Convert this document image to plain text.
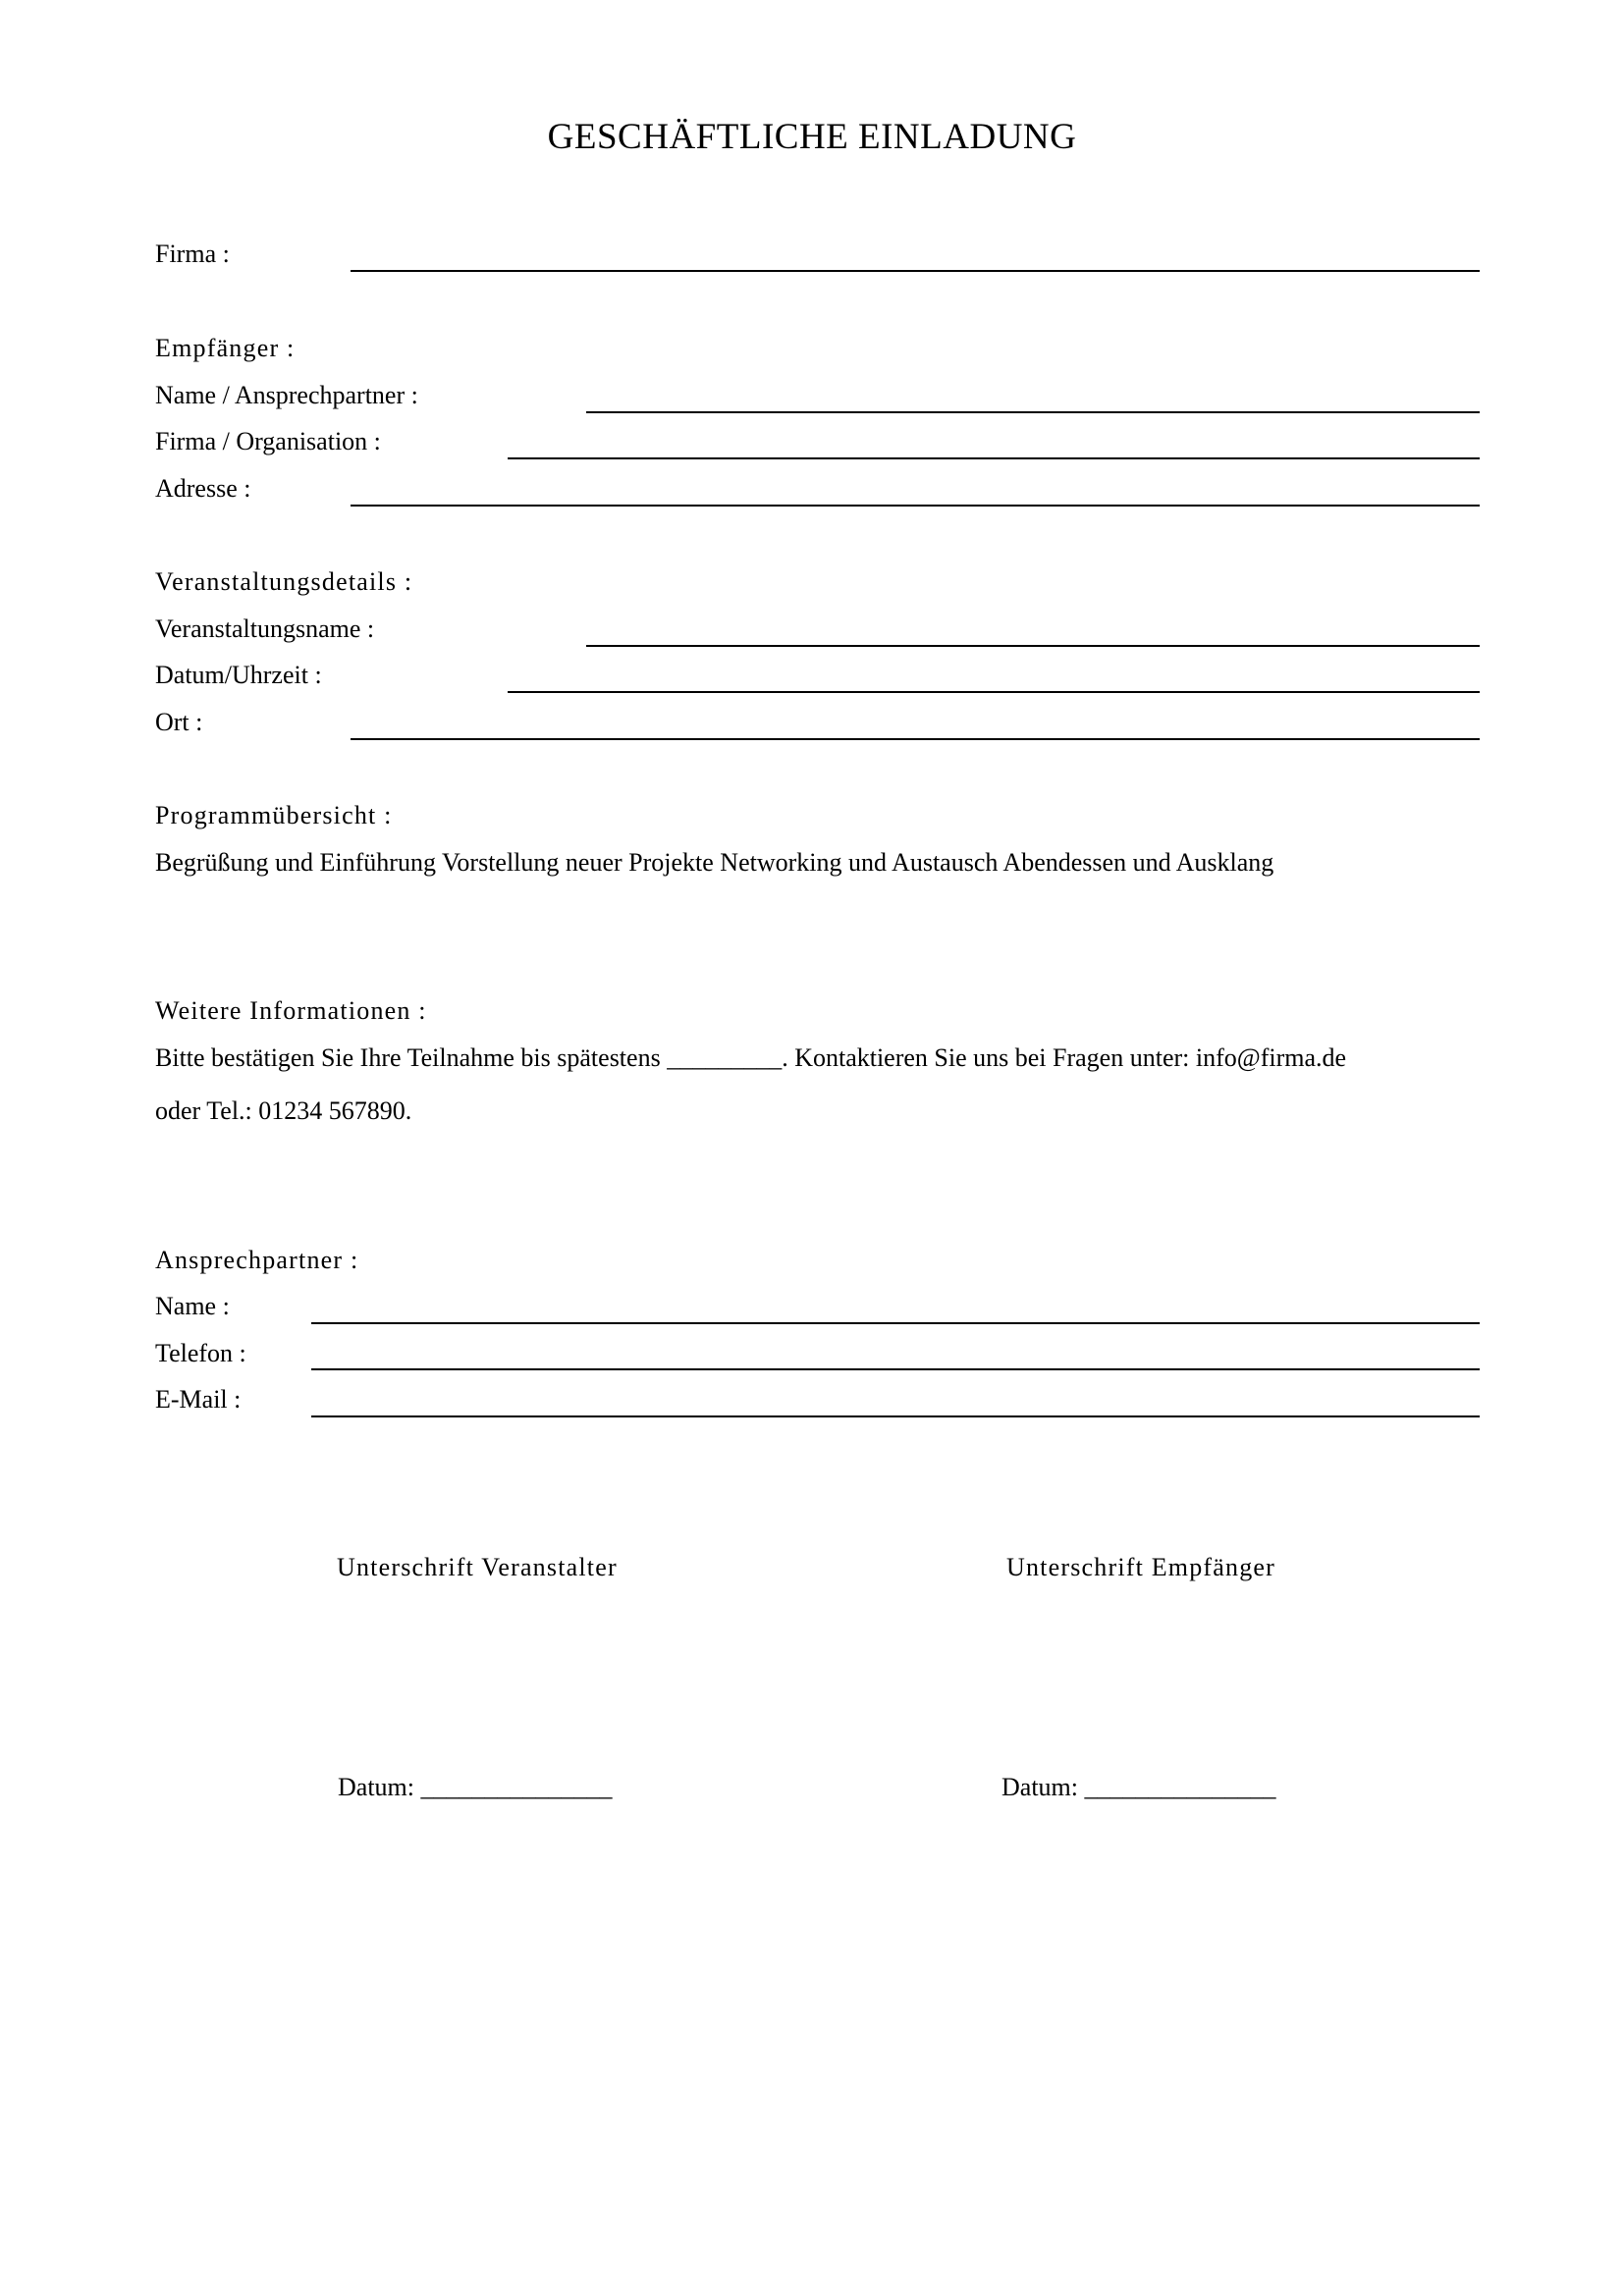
GESCHÄFTLICHE EINLADUNG
Firma :
Empfänger :
Name / Ansprechpartner :
Firma / Organisation :
Adresse :
Veranstaltungsdetails :
Veranstaltungsname :
Datum/Uhrzeit :
Ort :
Programmübersicht :
Begrüßung und Einführung Vorstellung neuer Projekte Networking und Austausch Abendessen und Ausklang
Weitere Informationen :
Bitte bestätigen Sie Ihre Teilnahme bis spätestens _________. Kontaktieren Sie uns bei Fragen unter: info@firma.de
oder Tel.: 01234 567890.
Ansprechpartner :
Name :
Telefon :
E-Mail :
Unterschrift Veranstalter	Unterschrift Empfänger
Datum: _______________	Datum: _______________
